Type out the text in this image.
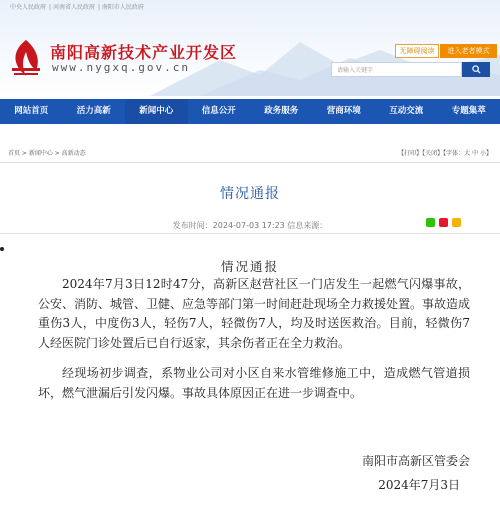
中央人民政府 | 河南省人民政府 | 南阳市人民政府
南阳高新技术产业开发区
www.nygxq.gov.cn
无障碍阅读	进入老者模式
请输入关键字
网站首页	活力高新	新闻中心	信息公开	政务服务	营商环境	互动交流	专题集萃
首页 > 新闻中心 > 高新动态	【打印】【关闭】【字体：大 中 小】
情况通报
发布时间：2024-07-03 17:23 信息来源：
情况通报

2024年7月3日12时47分，高新区赵营社区一门店发生一起燃气闪爆事故，公安、消防、城管、卫健、应急等部门第一时间赶赴现场全力救援处置。事故造成重伤3人，中度伤3人，轻伤7人，轻微伤7人，均及时送医救治。目前，轻微伤7人经医院门诊处置后已自行返家，其余伤者正在全力救治。

经现场初步调查，系物业公司对小区自来水管维修施工中，造成燃气管道损坏，燃气泄漏后引发闪爆。事故具体原因正在进一步调查中。

南阳市高新区管委会
2024年7月3日
